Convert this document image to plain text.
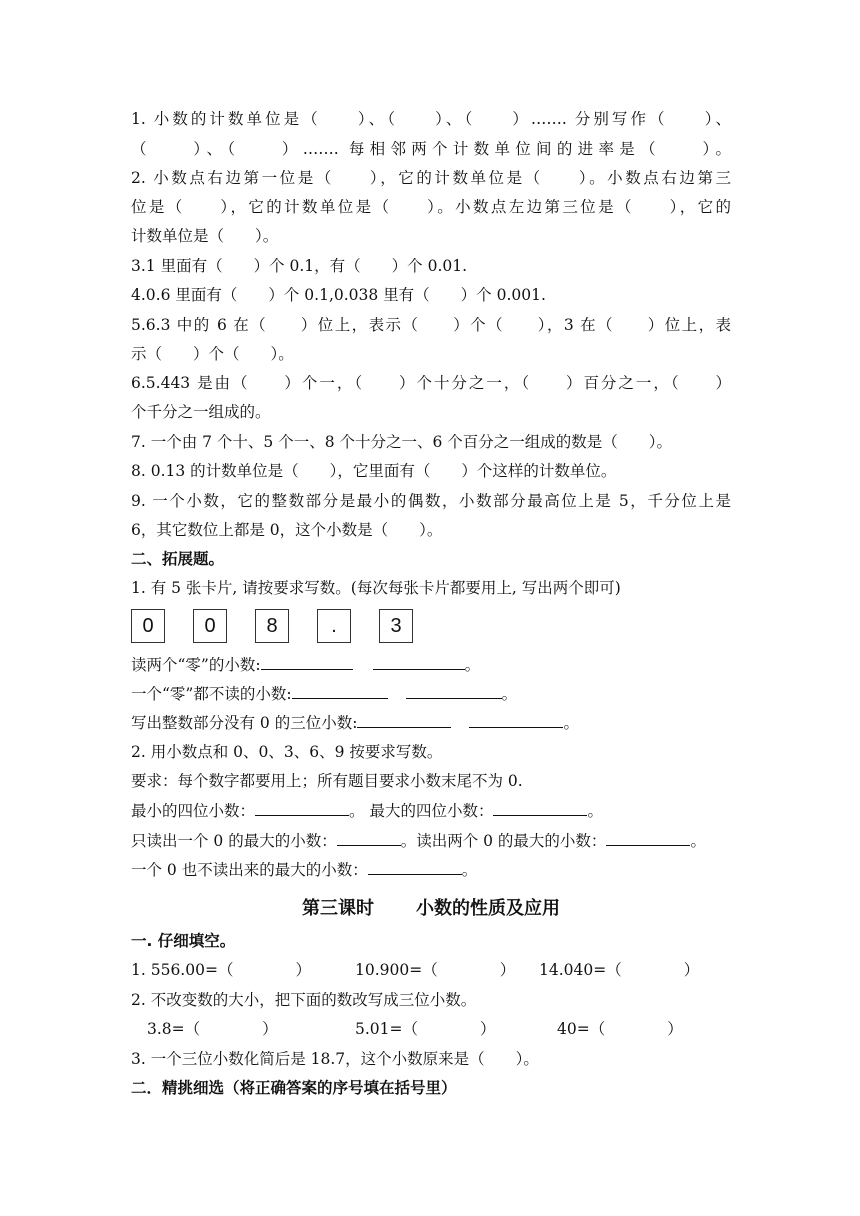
1. 小数的计数单位是（　　）、（　　）、（　　）……. 分别写作（　　）、
（　　）、（　　）……. 每相邻两个计数单位间的进率是（　　）。
2. 小数点右边第一位是（　　），它的计数单位是（　　）。小数点右边第三
位是（　　），它的计数单位是（　　）。小数点左边第三位是（　　），它的
计数单位是（　　）。
3.1 里面有（　　）个 0.1，有（　　）个 0.01.
4.0.6 里面有（　　）个 0.1,0.038 里有（　　）个 0.001.
5.6.3 中的 6 在（　　）位上，表示（　　）个（　　），3 在（　　）位上，表
示（　　）个（　　）。
6.5.443 是由（　　）个一，（　　）个十分之一，（　　）百分之一，（　　）
个千分之一组成的。
7. 一个由 7 个十、5 个一、8 个十分之一、6 个百分之一组成的数是（　　）。
8. 0.13 的计数单位是（　　），它里面有（　　）个这样的计数单位。
9. 一个小数，它的整数部分是最小的偶数，小数部分最高位上是 5，千分位上是
6，其它数位上都是 0，这个小数是（　　）。
二、拓展题。
1. 有 5 张卡片, 请按要求写数。(每次每张卡片都要用上, 写出两个即可)
0	0	8	.	3
读两个“零”的小数:	。
一个“零”都不读的小数:	。
写出整数部分没有 0 的三位小数:	。
2. 用小数点和 0、0、3、6、9 按要求写数。
要求：每个数字都要用上；所有题目要求小数末尾不为 0.
最小的四位小数：	。 最大的四位小数：	。
只读出一个 0 的最大的小数：	。读出两个 0 的最大的小数：	。
一个 0 也不读出来的最大的小数：	。
第三课时 小数的性质及应用
一. 仔细填空。
1. 556.00=（　　　　）	10.900=（　　　　） 14.040=（　　　　）
2. 不改变数的大小，把下面的数改写成三位小数。
3.8=（　　　　）	5.01=（　　　　）	40=（　　　　）
3. 一个三位小数化简后是 18.7，这个小数原来是（　　）。
二．精挑细选（将正确答案的序号填在括号里）
